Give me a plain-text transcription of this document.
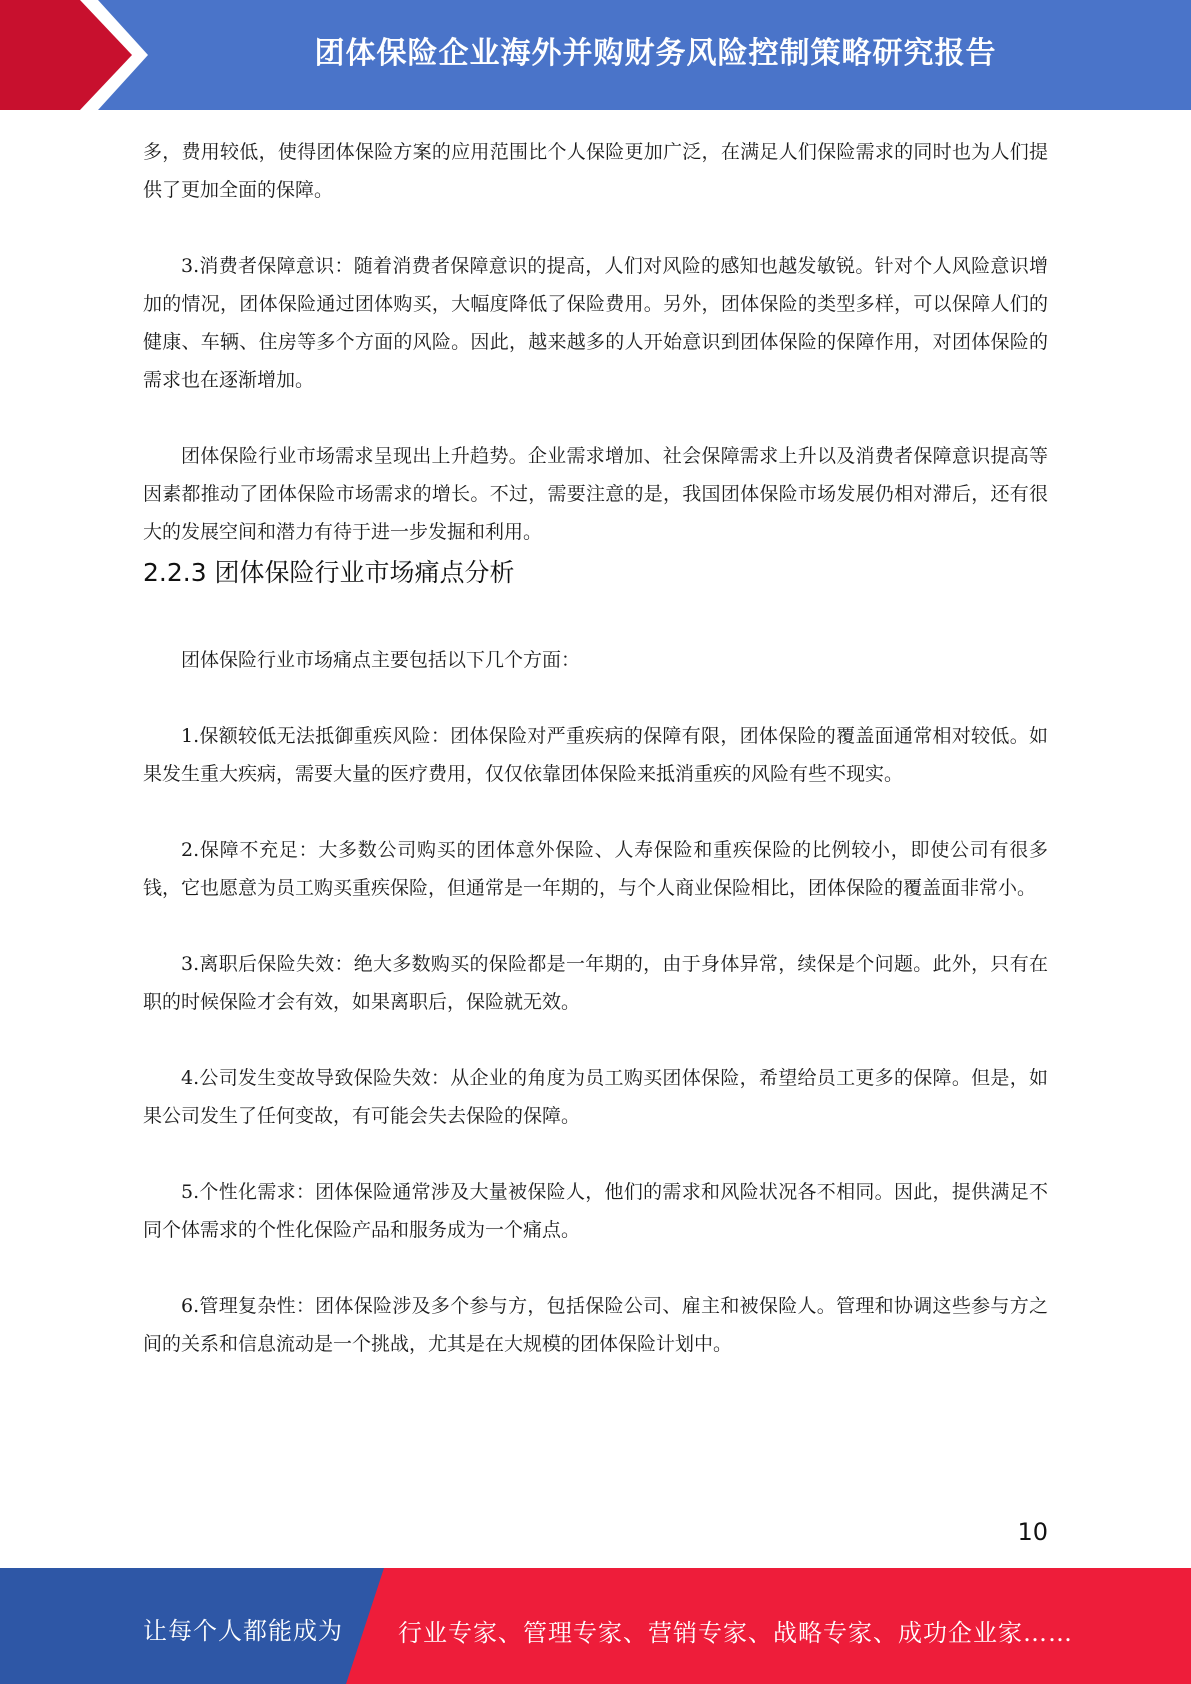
团体保险企业海外并购财务风险控制策略研究报告

多，费用较低，使得团体保险方案的应用范围比个人保险更加广泛，在满足人们保险需求的同时也为人们提供了更加全面的保障。

3.消费者保障意识：随着消费者保障意识的提高，人们对风险的感知也越发敏锐。针对个人风险意识增加的情况，团体保险通过团体购买，大幅度降低了保险费用。另外，团体保险的类型多样，可以保障人们的健康、车辆、住房等多个方面的风险。因此，越来越多的人开始意识到团体保险的保障作用，对团体保险的需求也在逐渐增加。

团体保险行业市场需求呈现出上升趋势。企业需求增加、社会保障需求上升以及消费者保障意识提高等因素都推动了团体保险市场需求的增长。不过，需要注意的是，我国团体保险市场发展仍相对滞后，还有很大的发展空间和潜力有待于进一步发掘和利用。

2.2.3 团体保险行业市场痛点分析

团体保险行业市场痛点主要包括以下几个方面：

1.保额较低无法抵御重疾风险：团体保险对严重疾病的保障有限，团体保险的覆盖面通常相对较低。如果发生重大疾病，需要大量的医疗费用，仅仅依靠团体保险来抵消重疾的风险有些不现实。

2.保障不充足：大多数公司购买的团体意外保险、人寿保险和重疾保险的比例较小，即使公司有很多钱，它也愿意为员工购买重疾保险，但通常是一年期的，与个人商业保险相比，团体保险的覆盖面非常小。

3.离职后保险失效：绝大多数购买的保险都是一年期的，由于身体异常，续保是个问题。此外，只有在职的时候保险才会有效，如果离职后，保险就无效。

4.公司发生变故导致保险失效：从企业的角度为员工购买团体保险，希望给员工更多的保障。但是，如果公司发生了任何变故，有可能会失去保险的保障。

5.个性化需求：团体保险通常涉及大量被保险人，他们的需求和风险状况各不相同。因此，提供满足不同个体需求的个性化保险产品和服务成为一个痛点。

6.管理复杂性：团体保险涉及多个参与方，包括保险公司、雇主和被保险人。管理和协调这些参与方之间的关系和信息流动是一个挑战，尤其是在大规模的团体保险计划中。

10
让每个人都能成为 行业专家、管理专家、营销专家、战略专家、成功企业家……
